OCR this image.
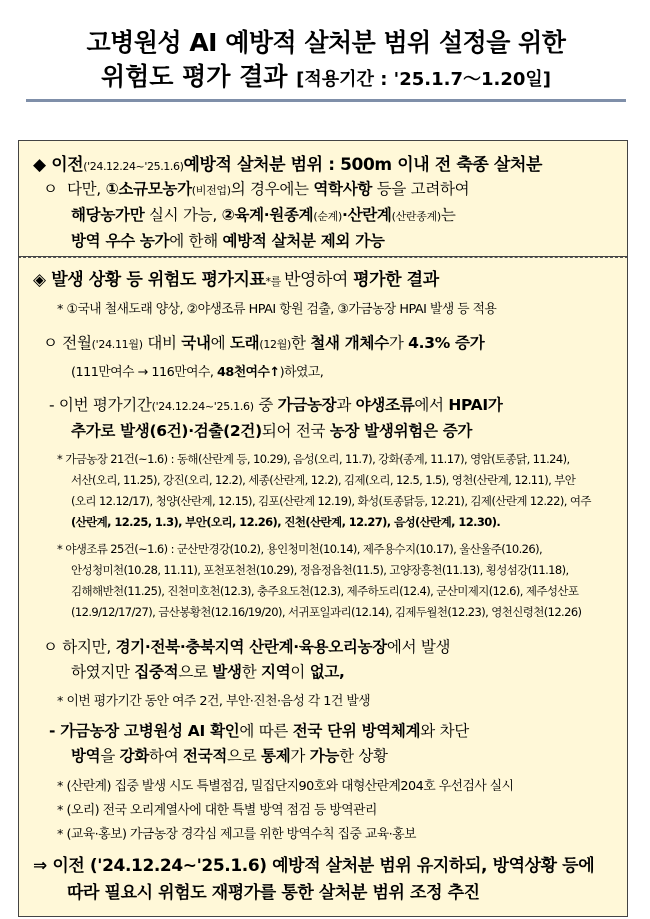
고병원성 AI 예방적 살처분 범위 설정을 위한
위험도 평가 결과 [적용기간 : '25.1.7～1.20일]
◆ 이전('24.12.24~'25.1.6)예방적 살처분 범위 : 500m 이내 전 축종 살처분
ㅇ 다만, ①소규모농가(비전업)의 경우에는 역학사항 등을 고려하여
해당농가만 실시 가능, ②육계·원종계(순계)·산란계(산란종계)는
방역 우수 농가에 한해 예방적 살처분 제외 가능
◈ 발생 상황 등 위험도 평가지표*를 반영하여 평가한 결과
* ①국내 철새도래 양상, ②야생조류 HPAI 항원 검출, ③가금농장 HPAI 발생 등 적용
ㅇ 전월('24.11월) 대비 국내에 도래(12월)한 철새 개체수가 4.3% 증가
(111만여수 → 116만여수, 48천여수↑)하였고,
- 이번 평가기간('24.12.24~'25.1.6) 중 가금농장과 야생조류에서 HPAI가
추가로 발생(6건)·검출(2건)되어 전국 농장 발생위험은 증가
* 가금농장 21건(~1.6) : 동해(산란계 등, 10.29), 음성(오리, 11.7), 강화(종계, 11.17), 영암(토종닭, 11.24),
서산(오리, 11.25), 강진(오리, 12.2), 세종(산란계, 12.2), 김제(오리, 12.5, 1.5), 영천(산란계, 12.11), 부안
(오리 12.12/17), 청양(산란계, 12.15), 김포(산란계 12.19), 화성(토종닭등, 12.21), 김제(산란계 12.22), 여주
(산란계, 12.25, 1.3), 부안(오리, 12.26), 진천(산란계, 12.27), 음성(산란계, 12.30).
* 야생조류 25건(~1.6) : 군산만경강(10.2), 용인청미천(10.14), 제주용수지(10.17), 울산울주(10.26),
안성청미천(10.28, 11.11), 포천포천천(10.29), 정읍정읍천(11.5), 고양장흥천(11.13), 횡성섬강(11.18),
김해해반천(11.25), 진천미호천(12.3), 충주요도천(12.3), 제주하도리(12.4), 군산미제지(12.6), 제주성산포
(12.9/12/17/27), 금산봉황천(12.16/19/20), 서귀포일과리(12.14), 김제두월천(12.23), 영천신령천(12.26)
ㅇ 하지만, 경기·전북·충북지역 산란계·육용오리농장에서 발생
하였지만 집중적으로 발생한 지역이 없고,
* 이번 평가기간 동안 여주 2건, 부안·진천·음성 각 1건 발생
- 가금농장 고병원성 AI 확인에 따른 전국 단위 방역체계와 차단
방역을 강화하여 전국적으로 통제가 가능한 상황
* (산란계) 집중 발생 시도 특별점검, 밀집단지90호와 대형산란계204호 우선검사 실시
* (오리) 전국 오리계열사에 대한 특별 방역 점검 등 방역관리
* (교육·홍보) 가금농장 경각심 제고를 위한 방역수칙 집중 교육·홍보
⇒ 이전 ('24.12.24~'25.1.6) 예방적 살처분 범위 유지하되, 방역상황 등에
따라 필요시 위험도 재평가를 통한 살처분 범위 조정 추진
